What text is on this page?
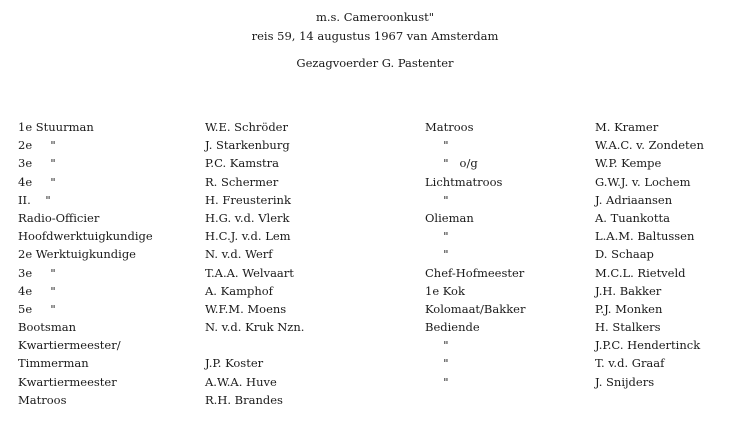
m.s. Cameroonkust"
reis 59, 14 augustus 1967 van Amsterdam
Gezagvoerder G. Pastenter
1e Stuurman
2e     "
3e     "
4e     "
II.    "
Radio-Officier
Hoofdwerktuigkundige
2e Werktuigkundige
3e     "
4e     "
5e     "
Bootsman
Kwartiermeester/
Timmerman
Kwartiermeester
Matroos
W.E. Schröder
J. Starkenburg
P.C. Kamstra
R. Schermer
H. Freusterink
H.G. v.d. Vlerk
H.C.J. v.d. Lem
N. v.d. Werf
T.A.A. Welvaart
A. Kamphof
W.F.M. Moens
N. v.d. Kruk Nzn.
J.P. Koster
A.W.A. Huve
R.H. Brandes
Matroos
"
"   o/g
Lichtmatroos
"
Olieman
"
"
Chef-Hofmeester
1e Kok
Kolomaat/Bakker
Bediende
"
"
"
M. Kramer
W.A.C. v. Zondeten
W.P. Kempe
G.W.J. v. Lochem
J. Adriaansen
A. Tuankotta
L.A.M. Baltussen
D. Schaap
M.C.L. Rietveld
J.H. Bakker
P.J. Monken
H. Stalkers
J.P.C. Hendertinck
T. v.d. Graaf
J. Snijders
